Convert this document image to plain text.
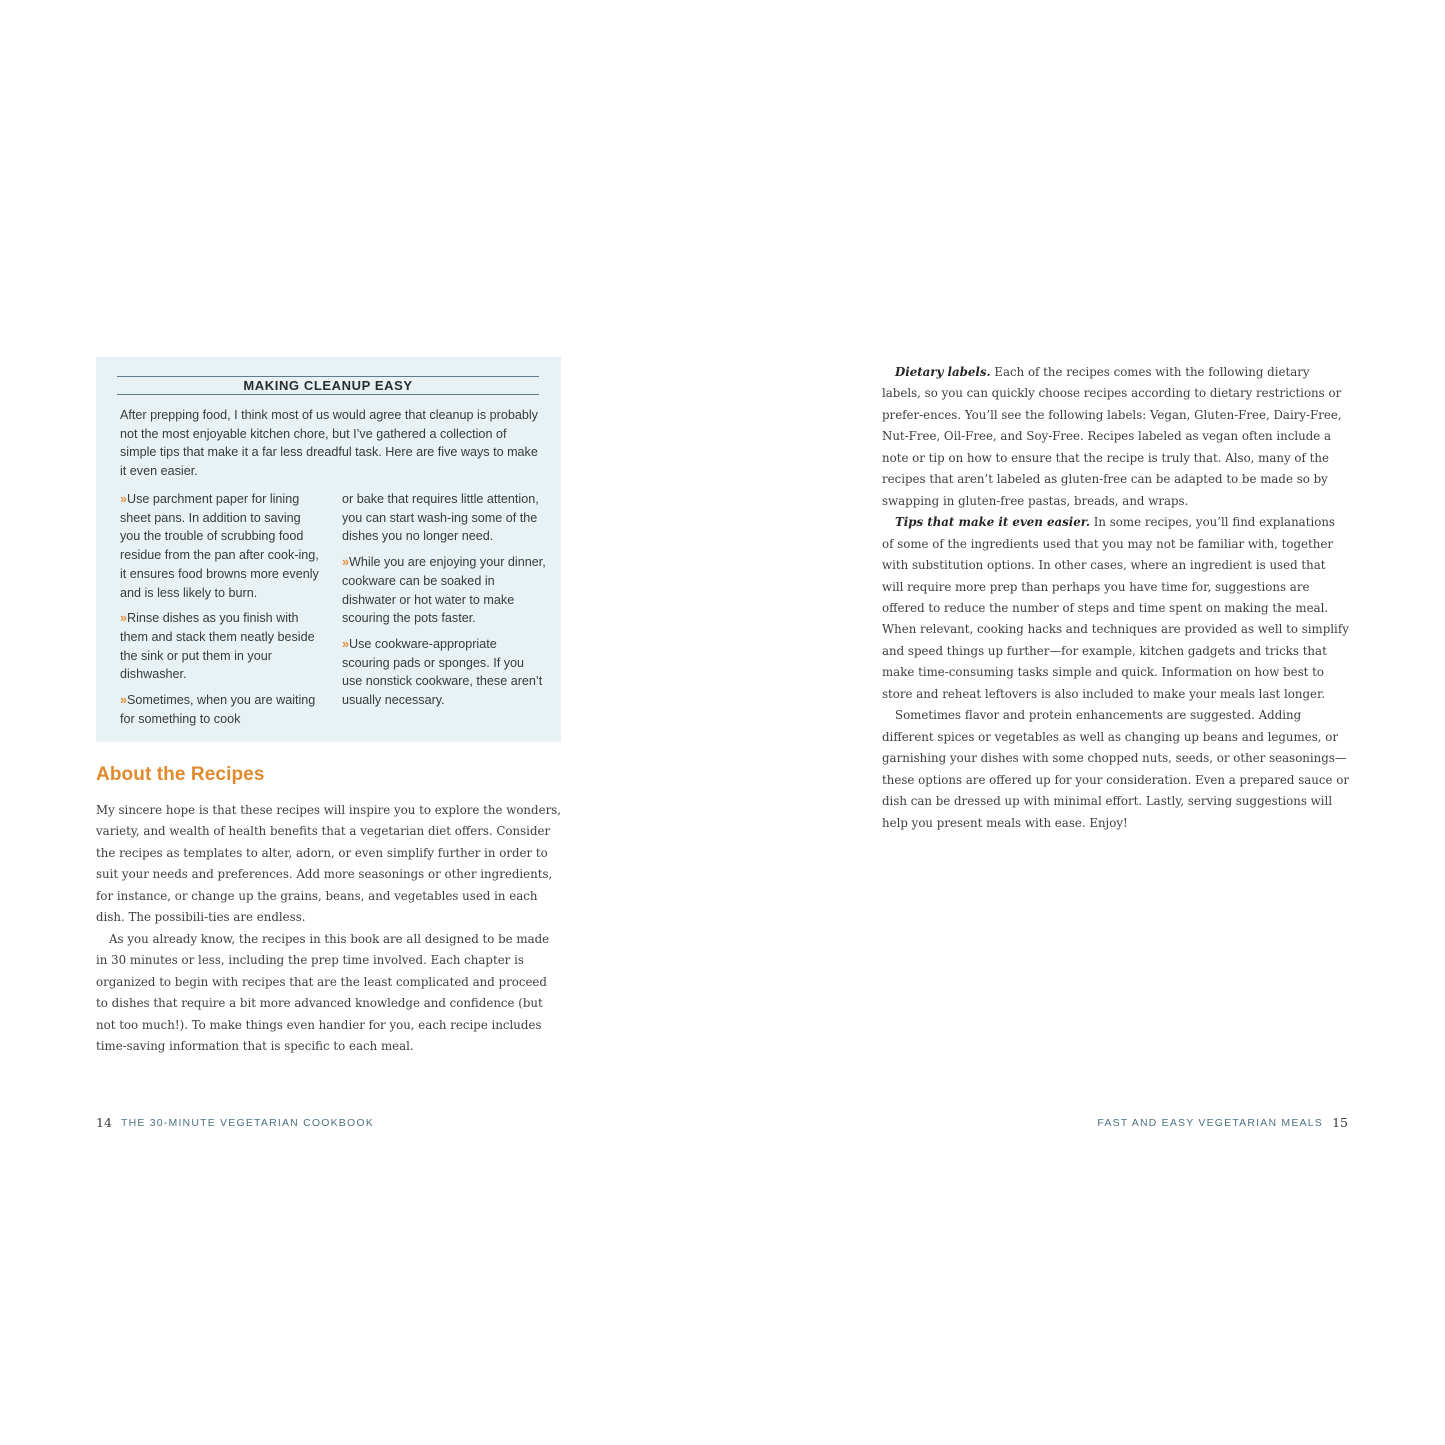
MAKING CLEANUP EASY

After prepping food, I think most of us would agree that cleanup is probably not the most enjoyable kitchen chore, but I’ve gathered a collection of simple tips that make it a far less dreadful task. Here are five ways to make it even easier.

»Use parchment paper for lining sheet pans. In addition to saving you the trouble of scrubbing food residue from the pan after cook-ing, it ensures food browns more evenly and is less likely to burn.

»Rinse dishes as you finish with them and stack them neatly beside the sink or put them in your dishwasher.

»Sometimes, when you are waiting for something to cook

or bake that requires little attention, you can start wash-ing some of the dishes you no longer need.

»While you are enjoying your dinner, cookware can be soaked in dishwater or hot water to make scouring the pots faster.

»Use cookware-appropriate scouring pads or sponges. If you use nonstick cookware, these aren’t usually necessary.

About the Recipes

My sincere hope is that these recipes will inspire you to explore the wonders, variety, and wealth of health benefits that a vegetarian diet offers. Consider the recipes as templates to alter, adorn, or even simplify further in order to suit your needs and preferences. Add more seasonings or other ingredients, for instance, or change up the grains, beans, and vegetables used in each dish. The possibili-ties are endless.

As you already know, the recipes in this book are all designed to be made in 30 minutes or less, including the prep time involved. Each chapter is organized to begin with recipes that are the least complicated and proceed to dishes that require a bit more advanced knowledge and confidence (but not too much!). To make things even handier for you, each recipe includes time-saving information that is specific to each meal.

14 THE 30-MINUTE VEGETARIAN COOKBOOK

Dietary labels. Each of the recipes comes with the following dietary labels, so you can quickly choose recipes according to dietary restrictions or prefer-ences. You’ll see the following labels: Vegan, Gluten-Free, Dairy-Free, Nut-Free, Oil-Free, and Soy-Free. Recipes labeled as vegan often include a note or tip on how to ensure that the recipe is truly that. Also, many of the recipes that aren’t labeled as gluten-free can be adapted to be made so by swapping in gluten-free pastas, breads, and wraps.

Tips that make it even easier. In some recipes, you’ll find explanations of some of the ingredients used that you may not be familiar with, together with substitution options. In other cases, where an ingredient is used that will require more prep than perhaps you have time for, suggestions are offered to reduce the number of steps and time spent on making the meal. When relevant, cooking hacks and techniques are provided as well to simplify and speed things up further—for example, kitchen gadgets and tricks that make time-consuming tasks simple and quick. Information on how best to store and reheat leftovers is also included to make your meals last longer.

Sometimes flavor and protein enhancements are suggested. Adding different spices or vegetables as well as changing up beans and legumes, or garnishing your dishes with some chopped nuts, seeds, or other seasonings—these options are offered up for your consideration. Even a prepared sauce or dish can be dressed up with minimal effort. Lastly, serving suggestions will help you present meals with ease. Enjoy!

FAST AND EASY VEGETARIAN MEALS 15
